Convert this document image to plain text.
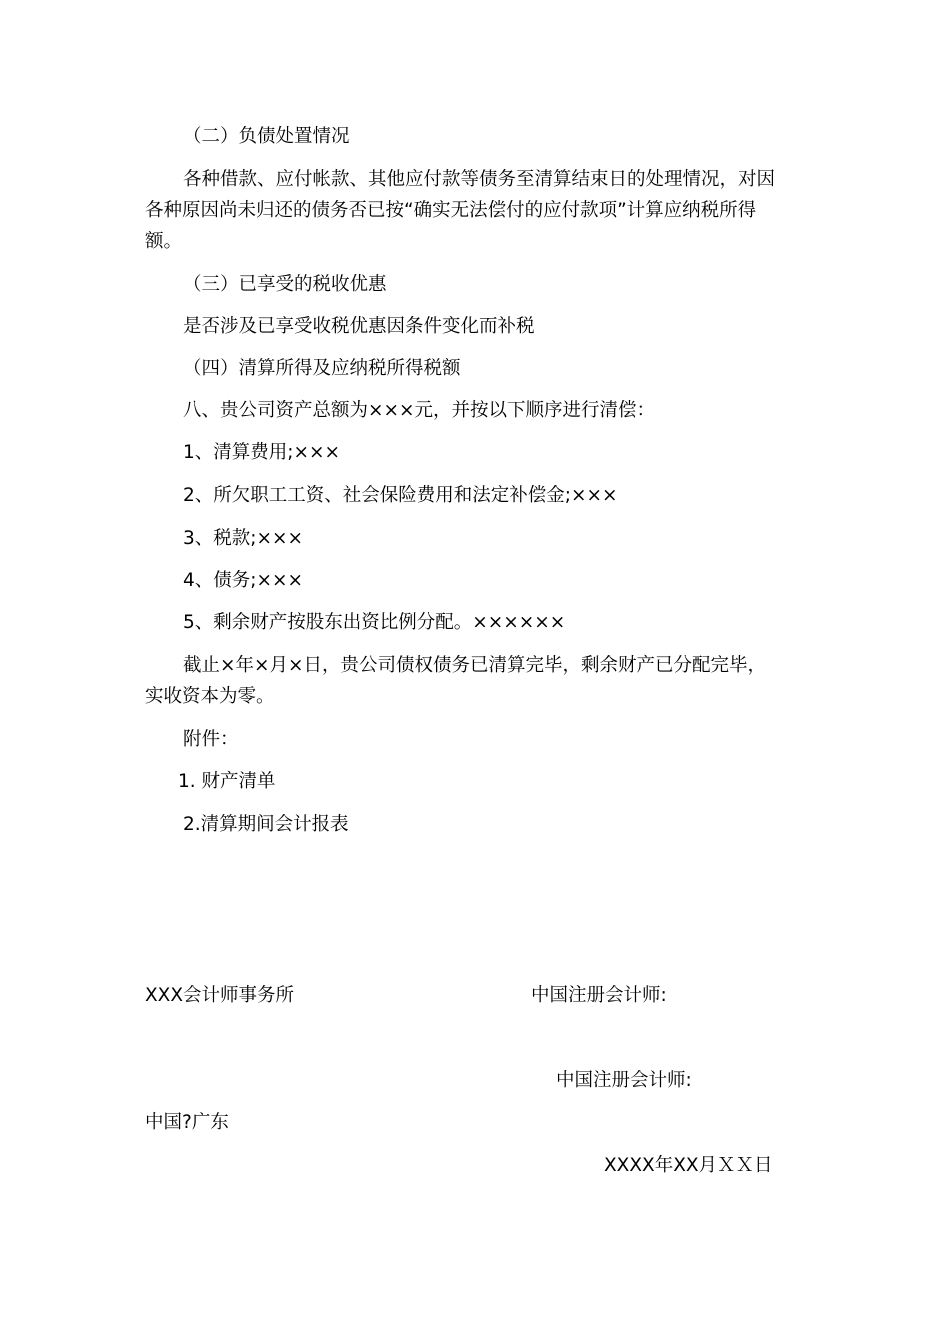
（二）负债处置情况

各种借款、应付帐款、其他应付款等债务至清算结束日的处理情况，对因

各种原因尚未归还的债务否已按“确实无法偿付的应付款项”计算应纳税所得

额。

（三）已享受的税收优惠

是否涉及已享受收税优惠因条件变化而补税

（四）清算所得及应纳税所得税额

八、贵公司资产总额为×××元，并按以下顺序进行清偿：

1、清算费用;×××

2、所欠职工工资、社会保险费用和法定补偿金;×××

3、税款;×××

4、债务;×××

5、剩余财产按股东出资比例分配。××××××

截止×年×月×日，贵公司债权债务已清算完毕，剩余财产已分配完毕，

实收资本为零。

附件：

1. 财产清单

2.清算期间会计报表

XXX会计师事务所	中国注册会计师:

中国注册会计师:

中国?广东

XXXX年XX月ＸＸ日
